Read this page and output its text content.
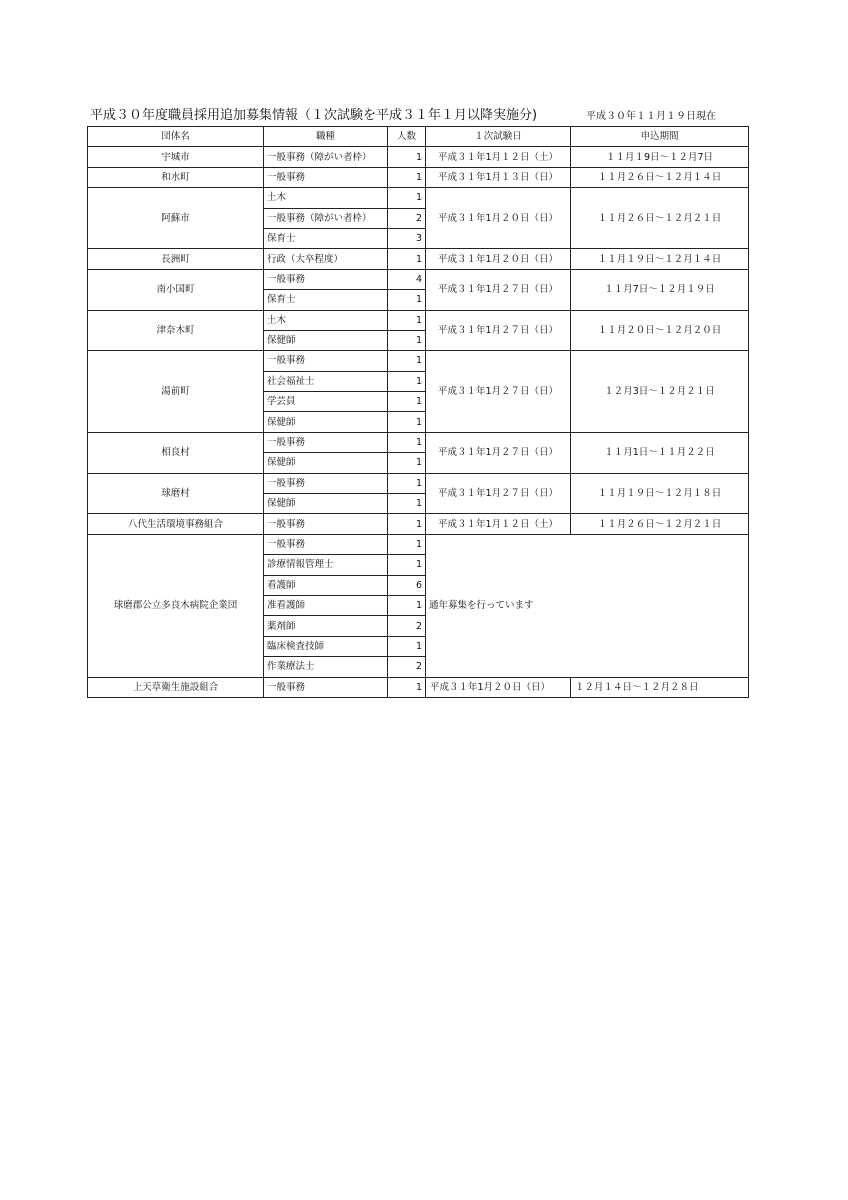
平成３０年度職員採用追加募集情報（１次試験を平成３１年１月以降実施分)	平成３０年１１月１９日現在
団体名	職種	人数	１次試験日	申込期間
宇城市	一般事務（障がい者枠）	1	平成３１年1月１２日（土）	１１月１9日～１２月7日
和水町	一般事務	1	平成３１年1月１３日（日）	１１月２６日～１２月１４日
阿蘇市	土木	1	平成３１年1月２０日（日）	１１月２６日～１２月２１日
	一般事務（障がい者枠）	2		
	保育士	3		
長洲町	行政（大卒程度）	1	平成３１年1月２０日（日）	１１月１９日～１２月１４日
南小国町	一般事務	4	平成３１年1月２７日（日）	１１月7日～１２月１９日
	保育士	1		
津奈木町	土木	1	平成３１年1月２７日（日）	１１月２０日～１２月２０日
	保健師	1		
湯前町	一般事務	1	平成３１年1月２７日（日）	１２月3日～１２月２１日
	社会福祉士	1		
	学芸員	1		
	保健師	1		
相良村	一般事務	1	平成３１年1月２７日（日）	１１月1日～１１月２２日
	保健師	1		
球磨村	一般事務	1	平成３１年1月２７日（日）	１１月１９日～１２月１８日
	保健師	1		
八代生活環境事務組合	一般事務	1	平成３１年1月１２日（土）	１１月２６日～１２月２１日
球磨郡公立多良木病院企業団	一般事務	1	通年募集を行っています	
	診療情報管理士	1		
	看護師	6		
	准看護師	1		
	薬剤師	2		
	臨床検査技師	1		
	作業療法士	2		
上天草衛生施設組合	一般事務	1	平成３１年1月２０日（日）	１２月１４日～１２月２８日
